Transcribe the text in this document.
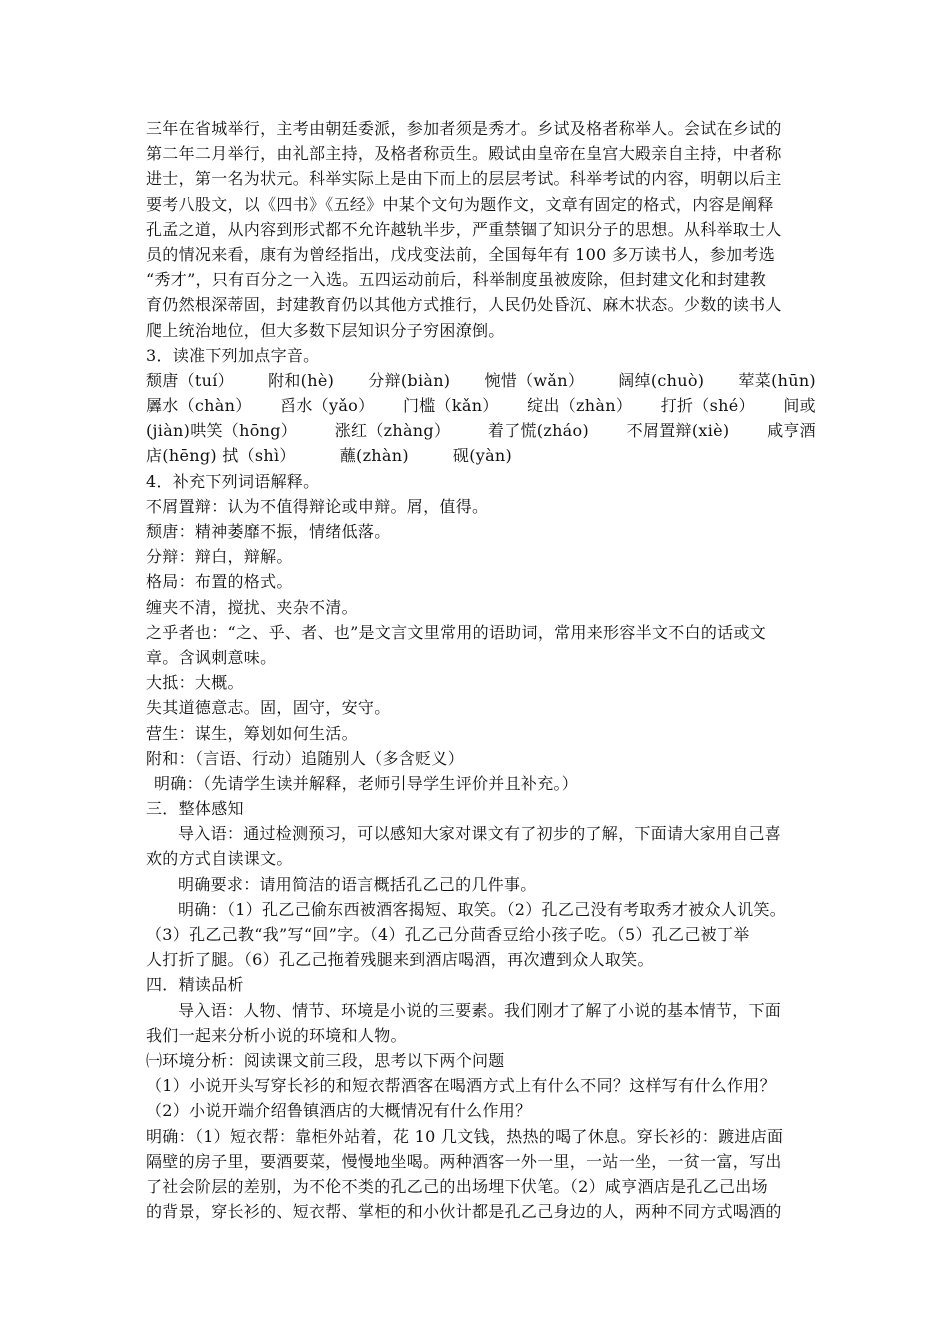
三年在省城举行，主考由朝廷委派，参加者须是秀才。乡试及格者称举人。会试在乡试的
第二年二月举行，由礼部主持，及格者称贡生。殿试由皇帝在皇宫大殿亲自主持，中者称
进士，第一名为状元。科举实际上是由下而上的层层考试。科举考试的内容，明朝以后主
要考八股文，以《四书》《五经》中某个文句为题作文，文章有固定的格式，内容是阐释
孔孟之道，从内容到形式都不允许越轨半步，严重禁锢了知识分子的思想。从科举取士人
员的情况来看，康有为曾经指出，戊戌变法前，全国每年有 100 多万读书人，参加考选
“秀才”，只有百分之一入选。五四运动前后，科举制度虽被废除，但封建文化和封建教
育仍然根深蒂固，封建教育仍以其他方式推行，人民仍处昏沉、麻木状态。少数的读书人
爬上统治地位，但大多数下层知识分子穷困潦倒。
3．读准下列加点字音。
颓唐（tuí） 附和(hè) 分辩(biàn) 惋惜（wǎn） 阔绰(chuò) 荤菜(hūn)
羼水（chàn） 舀水（yǎo） 门槛（kǎn） 绽出（zhàn） 打折（shé） 间或
(jiàn)哄笑（hōng） 涨红（zhàng） 着了慌(zháo) 不屑置辩(xiè) 咸亨酒
店(hēng) 拭（shì）	蘸(zhàn)	砚(yàn)
4．补充下列词语解释。
不屑置辩：认为不值得辩论或申辩。屑，值得。
颓唐：精神萎靡不振，情绪低落。
分辩：辩白，辩解。
格局：布置的格式。
缠夹不清，搅扰、夹杂不清。
之乎者也：“之、乎、者、也”是文言文里常用的语助词，常用来形容半文不白的话或文
章。含讽刺意味。
大抵：大概。
失其道德意志。固，固守，安守。
营生：谋生，筹划如何生活。
附和：（言语、行动）追随别人（多含贬义）
明确：（先请学生读并解释，老师引导学生评价并且补充。）
三．整体感知
导入语：通过检测预习，可以感知大家对课文有了初步的了解，下面请大家用自己喜
欢的方式自读课文。
明确要求：请用简洁的语言概括孔乙己的几件事。
明确：（1）孔乙己偷东西被酒客揭短、取笑。（2）孔乙己没有考取秀才被众人讥笑。
（3）孔乙己教“我”写“回”字。（4）孔乙己分茴香豆给小孩子吃。（5）孔乙己被丁举
人打折了腿。（6）孔乙己拖着残腿来到酒店喝酒，再次遭到众人取笑。
四．精读品析
导入语：人物、情节、环境是小说的三要素。我们刚才了解了小说的基本情节，下面
我们一起来分析小说的环境和人物。
㈠环境分析：阅读课文前三段，思考以下两个问题
（1）小说开头写穿长衫的和短衣帮酒客在喝酒方式上有什么不同？这样写有什么作用？
（2）小说开端介绍鲁镇酒店的大概情况有什么作用？
明确：（1）短衣帮：靠柜外站着，花 10 几文钱，热热的喝了休息。穿长衫的：踱进店面
隔壁的房子里，要酒要菜，慢慢地坐喝。两种酒客一外一里，一站一坐，一贫一富，写出
了社会阶层的差别，为不伦不类的孔乙己的出场埋下伏笔。（2）咸亨酒店是孔乙己出场
的背景，穿长衫的、短衣帮、掌柜的和小伙计都是孔乙己身边的人，两种不同方式喝酒的
